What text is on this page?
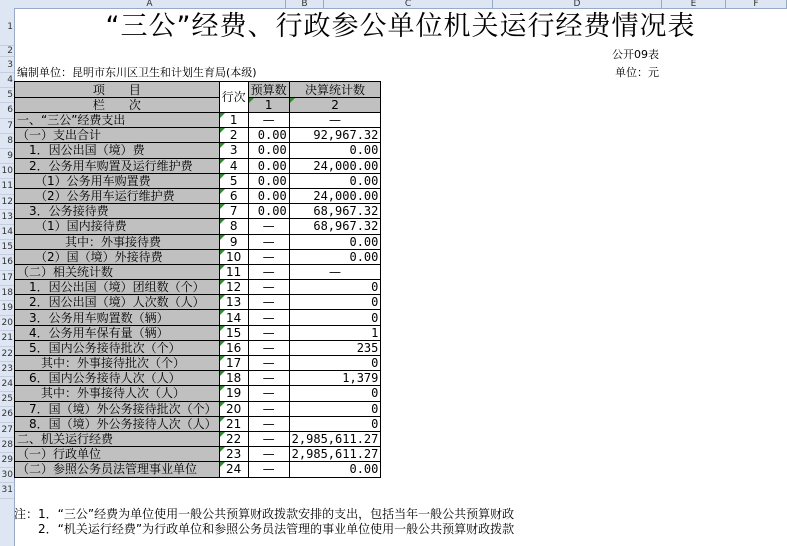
A	B	C	D	E	F
1
2
3
4
5
6
7
8
9
10
11
12
13
14
15
16
17
18
19
20
21
22
23
24
25
26
27
28
29
30
31
“三公”经费、行政参公单位机关运行经费情况表
公开09表
编制单位：昆明市东川区卫生和计划生育局(本级)	单位：元
项　　目	行次	预算数	决算统计数
栏　　次		1	2
一、“三公”经费支出	1	—	—
（一）支出合计	2	0.00	92,967.32
　1．因公出国（境）费	3	0.00	0.00
　2．公务用车购置及运行维护费	4	0.00	24,000.00
　　（1）公务用车购置费	5	0.00	0.00
　　（2）公务用车运行维护费	6	0.00	24,000.00
　3．公务接待费	7	0.00	68,967.32
　　（1）国内接待费	8	—	68,967.32
　　　　其中：外事接待费	9	—	0.00
　　（2）国（境）外接待费	10	—	0.00
（二）相关统计数	11	—	—
　1．因公出国（境）团组数（个）	12	—	0
　2．因公出国（境）人次数（人）	13	—	0
　3．公务用车购置数（辆）	14	—	0
　4．公务用车保有量（辆）	15	—	1
　5．国内公务接待批次（个）	16	—	235
　　其中：外事接待批次（个）	17	—	0
　6．国内公务接待人次（人）	18	—	1,379
　　其中：外事接待人次（人）	19	—	0
　7．国（境）外公务接待批次（个）	20	—	0
　8．国（境）外公务接待人次（人）	21	—	0
二、机关运行经费	22	—	2,985,611.27
（一）行政单位	23	—	2,985,611.27
（二）参照公务员法管理事业单位	24	—	0.00
注：1．“三公”经费为单位使用一般公共预算财政拨款安排的支出，包括当年一般公共预算财政
　　2．“机关运行经费”为行政单位和参照公务员法管理的事业单位使用一般公共预算财政拨款
